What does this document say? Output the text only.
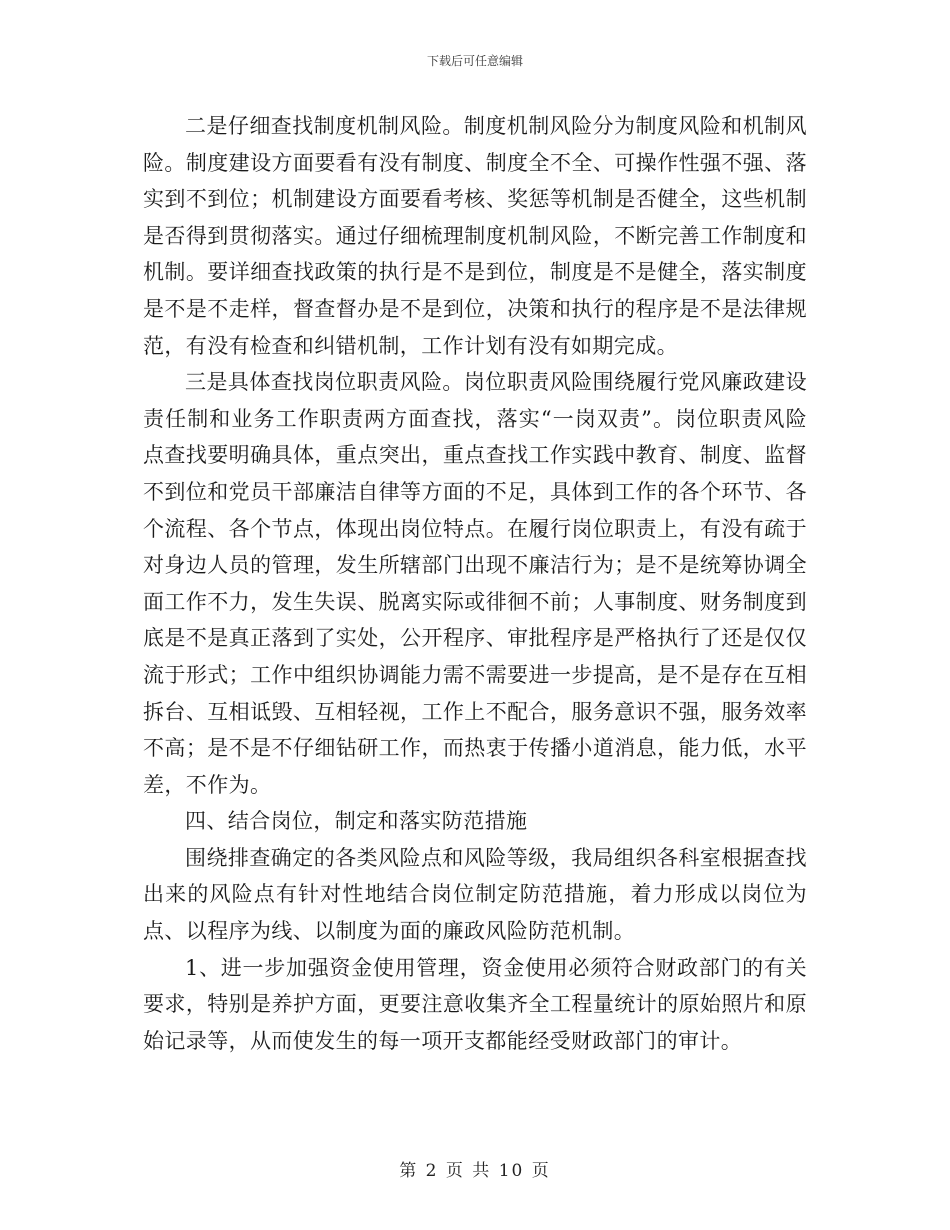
下载后可任意编辑

二是仔细查找制度机制风险。制度机制风险分为制度风险和机制风险。制度建设方面要看有没有制度、制度全不全、可操作性强不强、落实到不到位；机制建设方面要看考核、奖惩等机制是否健全，这些机制是否得到贯彻落实。通过仔细梳理制度机制风险，不断完善工作制度和机制。要详细查找政策的执行是不是到位，制度是不是健全，落实制度是不是不走样，督查督办是不是到位，决策和执行的程序是不是法律规范，有没有检查和纠错机制，工作计划有没有如期完成。

三是具体查找岗位职责风险。岗位职责风险围绕履行党风廉政建设责任制和业务工作职责两方面查找，落实“一岗双责”。岗位职责风险点查找要明确具体，重点突出，重点查找工作实践中教育、制度、监督不到位和党员干部廉洁自律等方面的不足，具体到工作的各个环节、各个流程、各个节点，体现出岗位特点。在履行岗位职责上，有没有疏于对身边人员的管理，发生所辖部门出现不廉洁行为；是不是统筹协调全面工作不力，发生失误、脱离实际或徘徊不前；人事制度、财务制度到底是不是真正落到了实处，公开程序、审批程序是严格执行了还是仅仅流于形式；工作中组织协调能力需不需要进一步提高，是不是存在互相拆台、互相诋毁、互相轻视，工作上不配合，服务意识不强，服务效率不高；是不是不仔细钻研工作，而热衷于传播小道消息，能力低，水平差，不作为。

四、结合岗位，制定和落实防范措施

围绕排查确定的各类风险点和风险等级，我局组织各科室根据查找出来的风险点有针对性地结合岗位制定防范措施，着力形成以岗位为点、以程序为线、以制度为面的廉政风险防范机制。

1、进一步加强资金使用管理，资金使用必须符合财政部门的有关要求，特别是养护方面，更要注意收集齐全工程量统计的原始照片和原始记录等，从而使发生的每一项开支都能经受财政部门的审计。

第 2 页 共 10 页
